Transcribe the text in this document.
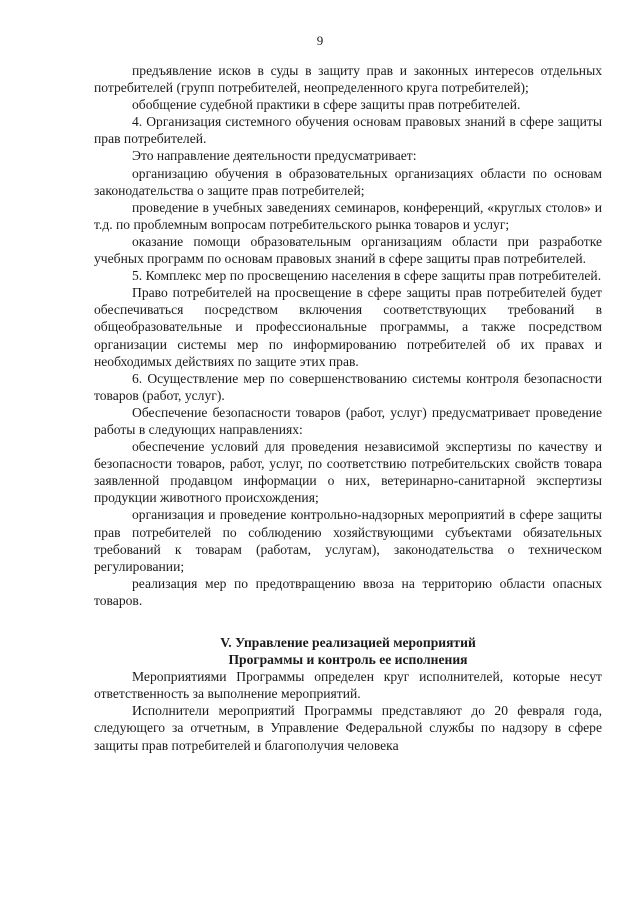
9

предъявление исков в суды в защиту прав и законных интересов отдельных потребителей (групп потребителей, неопределенного круга потребителей);

обобщение судебной практики в сфере защиты прав потребителей.

4. Организация системного обучения основам правовых знаний в сфере защиты прав потребителей.

Это направление деятельности предусматривает:

организацию обучения в образовательных организациях области по основам законодательства о защите прав потребителей;

проведение в учебных заведениях семинаров, конференций, «круглых столов» и т.д. по проблемным вопросам потребительского рынка товаров и услуг;

оказание помощи образовательным организациям области при разработке учебных программ по основам правовых знаний в сфере защиты прав потребителей.

5. Комплекс мер по просвещению населения в сфере защиты прав потребителей.

Право потребителей на просвещение в сфере защиты прав потребителей будет обеспечиваться посредством включения соответствующих требований в общеобразовательные и профессиональные программы, а также посредством организации системы мер по информированию потребителей об их правах и необходимых действиях по защите этих прав.

6. Осуществление мер по совершенствованию системы контроля безопасности товаров (работ, услуг).

Обеспечение безопасности товаров (работ, услуг) предусматривает проведение работы в следующих направлениях:

обеспечение условий для проведения независимой экспертизы по качеству и безопасности товаров, работ, услуг, по соответствию потребительских свойств товара заявленной продавцом информации о них, ветеринарно-санитарной экспертизы продукции животного происхождения;

организация и проведение контрольно-надзорных мероприятий в сфере защиты прав потребителей по соблюдению хозяйствующими субъектами обязательных требований к товарам (работам, услугам), законодательства о техническом регулировании;

реализация мер по предотвращению ввоза на территорию области опасных товаров.

V. Управление реализацией мероприятий
Программы и контроль ее исполнения

Мероприятиями Программы определен круг исполнителей, которые несут ответственность за выполнение мероприятий.

Исполнители мероприятий Программы представляют до 20 февраля года, следующего за отчетным, в Управление Федеральной службы по надзору в сфере защиты прав потребителей и благополучия человека
